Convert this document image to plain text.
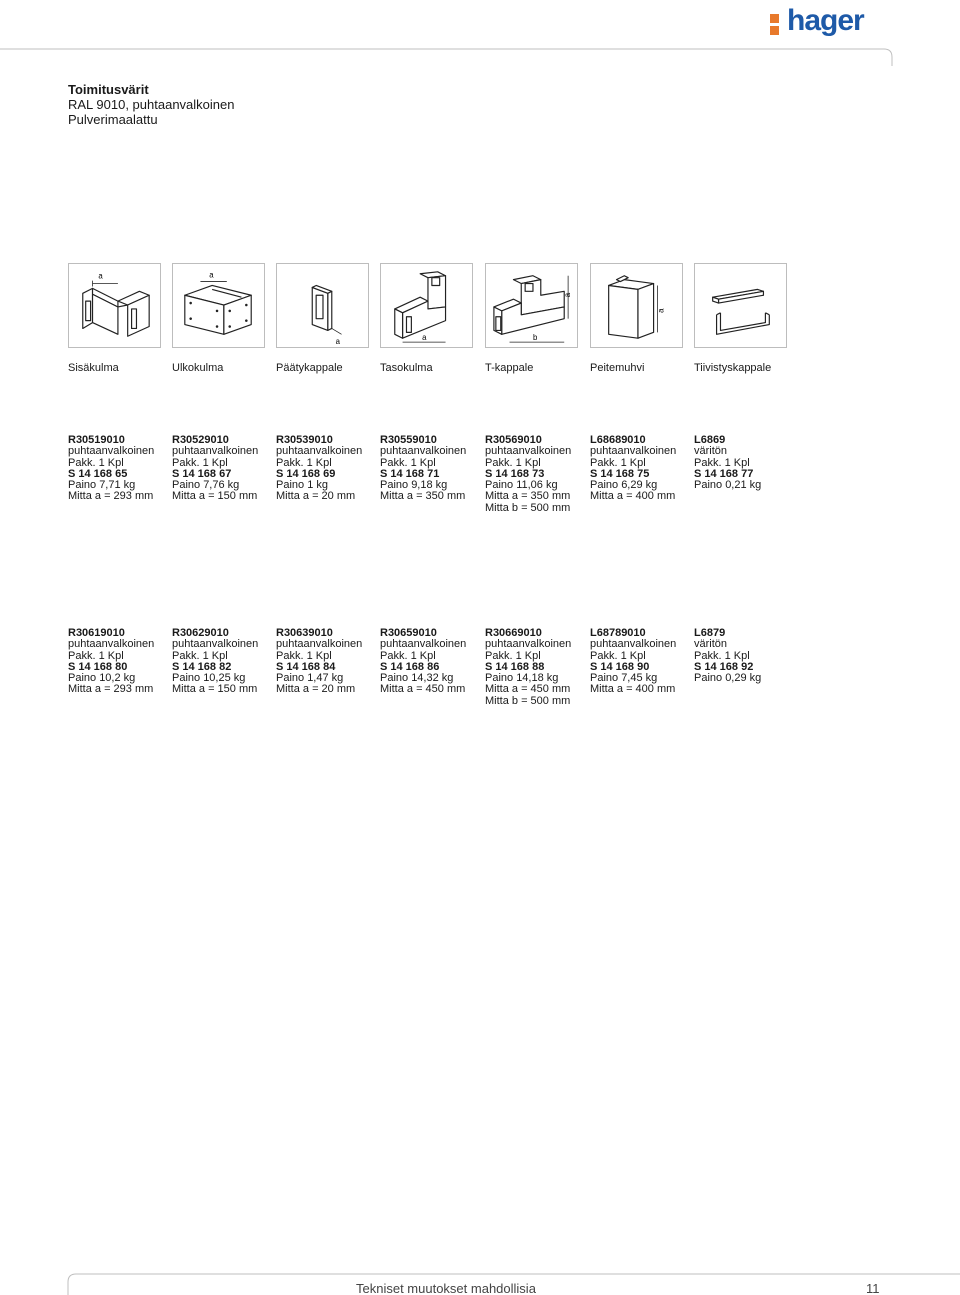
hager
Toimitusvärit
RAL 9010, puhtaanvalkoinen
Pulverimaalattu
a	a
a	a
a
b
a
Sisäkulma	Ulkokulma	Päätykappale	Tasokulma	T-kappale	Peitemuhvi	Tiivistyskappale
R30519010
puhtaanvalkoinen
Pakk. 1 Kpl
S 14 168 65
Paino 7,71 kg
Mitta a = 293 mm
R30529010
puhtaanvalkoinen
Pakk. 1 Kpl
S 14 168 67
Paino 7,76 kg
Mitta a = 150 mm
R30539010
puhtaanvalkoinen
Pakk. 1 Kpl
S 14 168 69
Paino 1 kg
Mitta a = 20 mm
R30559010
puhtaanvalkoinen
Pakk. 1 Kpl
S 14 168 71
Paino 9,18 kg
Mitta a = 350 mm
R30569010
puhtaanvalkoinen
Pakk. 1 Kpl
S 14 168 73
Paino 11,06 kg
Mitta a = 350 mm
Mitta b = 500 mm
L68689010
puhtaanvalkoinen
Pakk. 1 Kpl
S 14 168 75
Paino 6,29 kg
Mitta a = 400 mm
L6869
väritön
Pakk. 1 Kpl
S 14 168 77
Paino 0,21 kg
R30619010
puhtaanvalkoinen
Pakk. 1 Kpl
S 14 168 80
Paino 10,2 kg
Mitta a = 293 mm
R30629010
puhtaanvalkoinen
Pakk. 1 Kpl
S 14 168 82
Paino 10,25 kg
Mitta a = 150 mm
R30639010
puhtaanvalkoinen
Pakk. 1 Kpl
S 14 168 84
Paino 1,47 kg
Mitta a = 20 mm
R30659010
puhtaanvalkoinen
Pakk. 1 Kpl
S 14 168 86
Paino 14,32 kg
Mitta a = 450 mm
R30669010
puhtaanvalkoinen
Pakk. 1 Kpl
S 14 168 88
Paino 14,18 kg
Mitta a = 450 mm
Mitta b = 500 mm
L68789010
puhtaanvalkoinen
Pakk. 1 Kpl
S 14 168 90
Paino 7,45 kg
Mitta a = 400 mm
L6879
väritön
Pakk. 1 Kpl
S 14 168 92
Paino 0,29 kg
Tekniset muutokset mahdollisia	11
